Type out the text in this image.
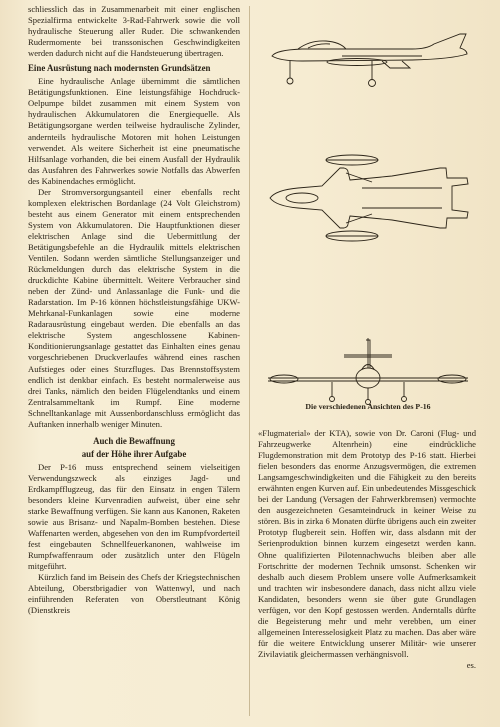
schliesslich das in Zusammenarbeit mit einer englischen Spezialfirma entwickelte 3-Rad-Fahrwerk sowie die voll hydraulische Steuerung aller Ruder. Die schwankenden Rudermomente bei transsonischen Geschwindigkeiten werden dadurch nicht auf die Handsteuerung übertragen.

Eine Ausrüstung nach modernsten Grundsätzen

Eine hydraulische Anlage übernimmt die sämtlichen Betätigungsfunktionen. Eine leistungsfähige Hochdruck-Oelpumpe bildet zusammen mit einem System von hydraulischen Akkumulatoren die Energiequelle. Als Betätigungsorgane werden teilweise hydraulische Zylinder, andernteils hydraulische Motoren mit hohen Leistungen verwendet. Als weitere Sicherheit ist eine pneumatische Hilfsanlage vorhanden, die bei einem Ausfall der Hydraulik das Ausfahren des Fahrwerkes sowie Notfalls das Abwerfen des Kabinendaches ermöglicht.

Der Stromversorgungsanteil einer ebenfalls recht komplexen elektrischen Bordanlage (24 Volt Gleichstrom) besteht aus einem Generator mit einem entsprechenden System von Akkumulatoren. Die Hauptfunktionen dieser elektrischen Anlage sind die Uebermittlung der Betätigungsbefehle an die Hydraulik mittels elektrischen Ventilen. Sodann werden sämtliche Stellungsanzeiger und Rückmeldungen durch das elektrische System in die druckdichte Kabine übermittelt. Weitere Verbraucher sind neben der Zünd- und Anlassanlage die Funk- und die Radarstation. Im P-16 können höchstleistungsfähige UKW-Mehrkanal-Funkanlagen sowie eine moderne Radarausrüstung eingebaut werden. Die ebenfalls an das elektrische System angeschlossene Kabinen-Konditionierungsanlage gestattet das Einhalten eines genau vorgeschriebenen Druckverlaufes während eines raschen Aufstieges oder eines Sturzfluges. Das Brennstoffsystem endlich ist denkbar einfach. Es besteht normalerweise aus drei Tanks, nämlich den beiden Flügelendtanks und einem Zentralsammeltank im Rumpf. Eine moderne Schnelltankanlage mit Aussenbordanschluss ermöglicht das Auftanken innerhalb weniger Minuten.

Auch die Bewaffnung
auf der Höhe ihrer Aufgabe

Der P-16 muss entsprechend seinem vielseitigen Verwendungszweck als einziges Jagd- und Erdkampfflugzeug, das für den Einsatz in engen Tälern besonders kleine Kurvenradien aufweist, über eine sehr starke Bewaffnung verfügen. Sie kann aus Kanonen, Raketen sowie aus Brisanz- und Napalm-Bomben bestehen. Diese Waffenarten werden, abgesehen von den im Rumpfvorderteil fest eingebauten Schnellfeuerkanonen, wahlweise im Rumpfwaffenraum oder zusätzlich unter den Flügeln mitgeführt.

Kürzlich fand im Beisein des Chefs der Kriegstechnischen Abteilung, Oberstbrigadier von Wattenwyl, und nach einführenden Referaten von Oberstleutnant König (Dienstkreis

Die verschiedenen Ansichten des P-16

«Flugmaterial» der KTA), sowie von Dr. Caroni (Flug- und Fahrzeugwerke Altenrhein) eine eindrückliche Flugdemonstration mit dem Prototyp des P-16 statt. Hierbei fielen besonders das enorme Anzugsvermögen, die extremen Langsamgeschwindigkeiten und die Fähigkeit zu den bereits erwähnten engen Kurven auf. Ein unbedeutendes Missgeschick bei der Landung (Versagen der Fahrwerkbremsen) vermochte den ausgezeichneten Gesamteindruck in keiner Weise zu stören. Bis in zirka 6 Monaten dürfte übrigens auch ein zweiter Prototyp flugbereit sein. Hoffen wir, dass alsdann mit der Serienproduktion binnen kurzem eingesetzt werden kann. Ohne qualifizierten Pilotennachwuchs bleiben aber alle Fortschritte der modernen Technik umsonst. Schenken wir deshalb auch diesem Problem unsere volle Aufmerksamkeit und trachten wir insbesondere danach, dass nicht allzu viele Kandidaten, besonders wenn sie über gute Grundlagen verfügen, vor den Kopf gestossen werden. Anderntalls dürfte die Begeisterung mehr und mehr verebben, um einer allgemeinen Interesselosigkeit Platz zu machen. Das aber wäre für die weitere Entwicklung unserer Militär- wie unserer Zivilaviatik gleichermassen verhängnisvoll.

es.
